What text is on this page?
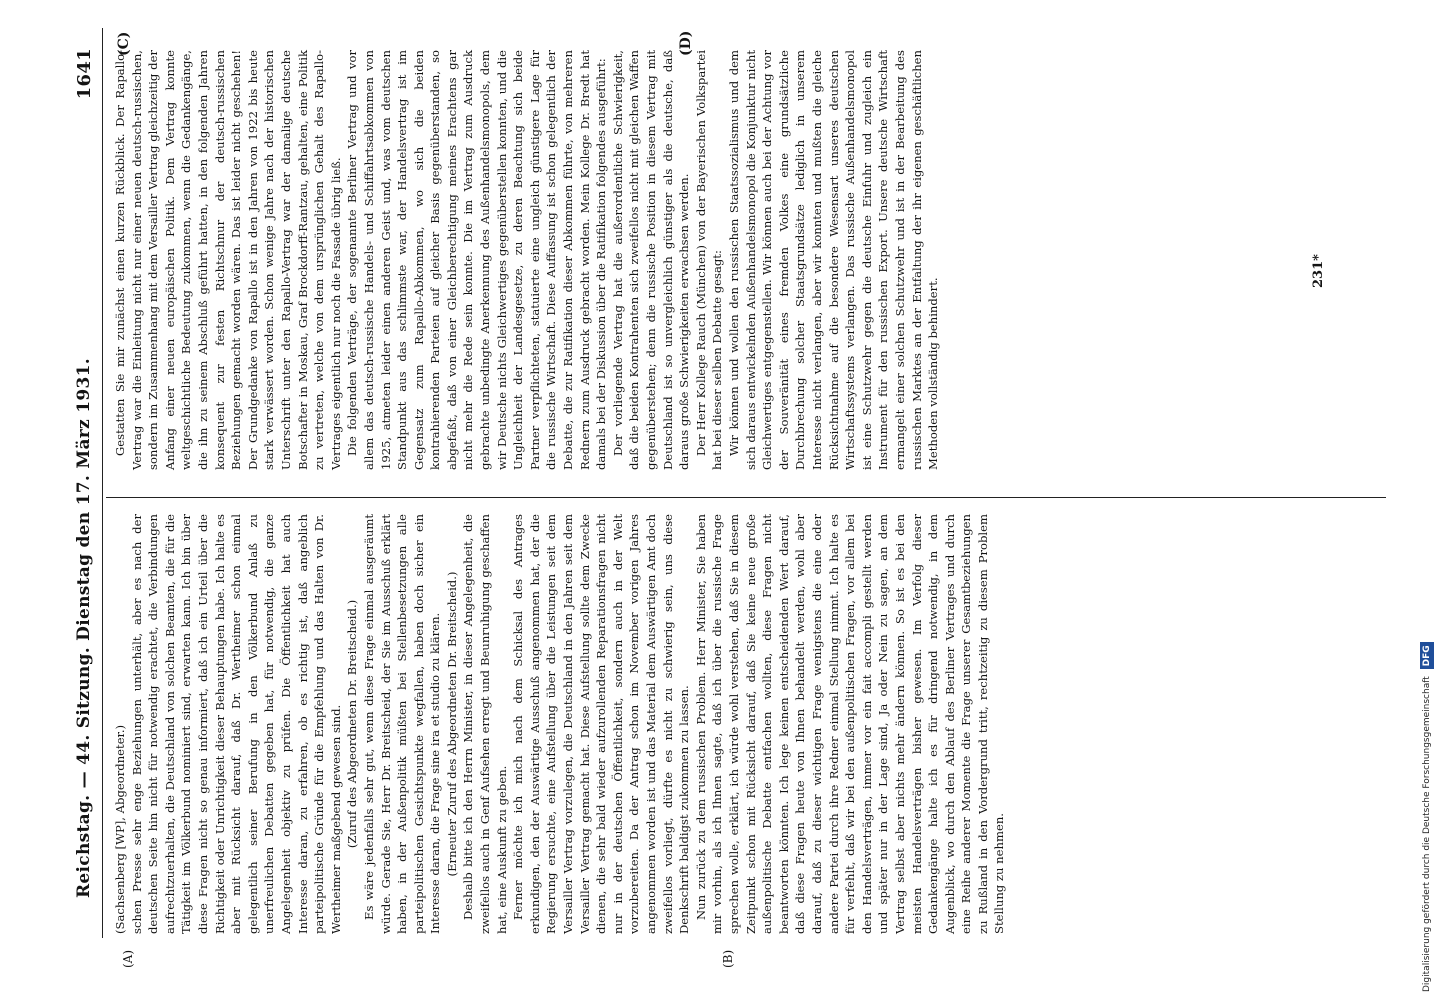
Reichstag. — 44. Sitzung. Dienstag den 17. März 1931.
1641
(A)	(B)
(C)	(D)

(Sachsenberg [WP], Abgeordneter.) schen Presse sehr enge Beziehungen unterhält, aber es nach der deutschen Seite hin nicht für notwendig erachtet, die Verbindungen aufrechtzuerhalten, die Deutschland von solchen Beamten, die für die Tätigkeit im Völkerbund nominiert sind, erwarten kann. Ich bin über diese Fragen nicht so genau informiert, daß ich ein Urteil über die Richtigkeit oder Unrichtigkeit dieser Behauptungen habe. Ich halte es aber mit Rücksicht darauf, daß Dr. Wertheimer schon einmal gelegentlich seiner Berufung in den Völkerbund Anlaß zu unerfreulichen Debatten gegeben hat, für notwendig, die ganze Angelegenheit objektiv zu prüfen. Die Öffentlichkeit hat auch Interesse daran, zu erfahren, ob es richtig ist, daß angeblich parteipolitische Gründe für die Empfehlung und das Halten von Dr. Wertheimer maßgebend gewesen sind. (Zuruf des Abgeordneten Dr. Breitscheid.) Es wäre jedenfalls sehr gut, wenn diese Frage einmal ausgeräumt würde. Gerade Sie, Herr Dr. Breitscheid, der Sie im Ausschuß erklärt haben, in der Außenpolitik müßten bei Stellenbesetzungen alle parteipolitischen Gesichtspunkte wegfallen, haben doch sicher ein Interesse daran, die Frage sine ira et studio zu klären. (Erneuter Zuruf des Abgeordneten Dr. Breitscheid.) Deshalb bitte ich den Herrn Minister, in dieser Angelegenheit, die zweifellos auch in Genf Aufsehen erregt und Beunruhigung geschaffen hat, eine Auskunft zu geben. Ferner möchte ich mich nach dem Schicksal des Antrages erkundigen, den der Auswärtige Ausschuß angenommen hat, der die Regierung ersuchte, eine Aufstellung über die Leistungen seit dem Versailler Vertrag vorzulegen, die Deutschland in den Jahren seit dem Versailler Vertrag gemacht hat. Diese Aufstellung sollte dem Zwecke dienen, die sehr bald wieder aufzurollenden Reparationsfragen nicht nur in der deutschen Öffentlichkeit, sondern auch in der Welt vorzubereiten. Da der Antrag schon im November vorigen Jahres angenommen worden ist und das Material dem Auswärtigen Amt doch zweifellos vorliegt, dürfte es nicht zu schwierig sein, uns diese Denkschrift baldigst zukommen zu lassen. Nun zurück zu dem russischen Problem. Herr Minister, Sie haben mir vorhin, als ich Ihnen sagte, daß ich über die russische Frage sprechen wolle, erklärt, ich würde wohl verstehen, daß Sie in diesem Zeitpunkt schon mit Rücksicht darauf, daß Sie keine neue große außenpolitische Debatte entfachen wollten, diese Fragen nicht beantworten könnten. Ich lege keinen entscheidenden Wert darauf, daß diese Fragen heute von Ihnen behandelt werden, wohl aber darauf, daß zu dieser wichtigen Frage wenigstens die eine oder andere Partei durch ihre Redner einmal Stellung nimmt. Ich halte es für verfehlt, daß wir bei den außenpolitischen Fragen, vor allem bei den Handelsverträgen, immer vor ein fait accompli gestellt werden und später nur in der Lage sind, Ja oder Nein zu sagen, an dem Vertrag selbst aber nichts mehr ändern können. So ist es bei den meisten Handelsverträgen bisher gewesen. Im Verfolg dieser Gedankengänge halte ich es für dringend notwendig, in dem Augenblick, wo durch den Ablauf des Berliner Vertrages und durch eine Reihe anderer Momente die Frage unserer Gesamtbeziehungen zu Rußland in den Vordergrund tritt, rechtzeitig zu diesem Problem Stellung zu nehmen.

Gestatten Sie mir zunächst einen kurzen Rückblick. Der Rapallo-Vertrag war die Einleitung nicht nur einer neuen deutsch-russischen, sondern im Zusammenhang mit dem Versailler Vertrag gleichzeitig der Anfang einer neuen europäischen Politik. Dem Vertrag konnte weltgeschichtliche Bedeutung zukommen, wenn die Gedankengänge, die ihn zu seinem Abschluß geführt hatten, in den folgenden Jahren konsequent zur festen Richtschnur der deutsch-russischen Beziehungen gemacht worden wären. Das ist leider nicht geschehen! Der Grundgedanke von Rapallo ist in den Jahren von 1922 bis heute stark verwässert worden. Schon wenige Jahre nach der historischen Unterschrift unter den Rapallo-Vertrag war der damalige deutsche Botschafter in Moskau, Graf Brockdorff-Rantzau, gehalten, eine Politik zu vertreten, welche von dem ursprünglichen Gehalt des Rapallo-Vertrages eigentlich nur noch die Fassade übrig ließ. Die folgenden Verträge, der sogenannte Berliner Vertrag und vor allem das deutsch-russische Handels- und Schiffahrtsabkommen von 1925, atmeten leider einen anderen Geist und, was vom deutschen Standpunkt aus das schlimmste war, der Handelsvertrag ist im Gegensatz zum Rapallo-Abkommen, wo sich die beiden kontrahierenden Parteien auf gleicher Basis gegenüberstanden, so abgefaßt, daß von einer Gleichberechtigung meines Erachtens gar nicht mehr die Rede sein konnte. Die im Vertrag zum Ausdruck gebrachte unbedingte Anerkennung des Außenhandelsmonopols, dem wir Deutsche nichts Gleichwertiges gegenüberstellen konnten, und die Ungleichheit der Landesgesetze, zu deren Beachtung sich beide Partner verpflichteten, statuierte eine ungleich günstigere Lage für die russische Wirtschaft. Diese Auffassung ist schon gelegentlich der Debatte, die zur Ratifikation dieser Abkommen führte, von mehreren Rednern zum Ausdruck gebracht worden. Mein Kollege Dr. Bredt hat damals bei der Diskussion über die Ratifikation folgendes ausgeführt: Der vorliegende Vertrag hat die außerordentliche Schwierigkeit, daß die beiden Kontrahenten sich zweifellos nicht mit gleichen Waffen gegenüberstehen; denn die russische Position in diesem Vertrag mit Deutschland ist so unvergleichlich günstiger als die deutsche, daß daraus große Schwierigkeiten erwachsen werden. Der Herr Kollege Rauch (München) von der Bayerischen Volkspartei hat bei dieser selben Debatte gesagt: Wir können und wollen den russischen Staatssozialismus und dem sich daraus entwickelnden Außenhandelsmonopol die Konjunktur nicht Gleichwertiges entgegenstellen. Wir können auch bei der Achtung vor der Souveränität eines fremden Volkes eine grundsätzliche Durchbrechung solcher Staatsgrundsätze lediglich in unserem Interesse nicht verlangen, aber wir konnten und mußten die gleiche Rücksichtnahme auf die besondere Wesensart unseres deutschen Wirtschaftssystems verlangen. Das russische Außenhandelsmonopol ist eine Schutzwehr gegen die deutsche Einfuhr und zugleich ein Instrument für den russischen Export. Unsere deutsche Wirtschaft ermangelt einer solchen Schutzwehr und ist in der Bearbeitung des russischen Marktes an der Entfaltung der ihr eigenen geschäftlichen Methoden vollständig behindert.

231*
Digitalisierung gefördert durch die Deutsche Forschungsgemeinschaft DFG
